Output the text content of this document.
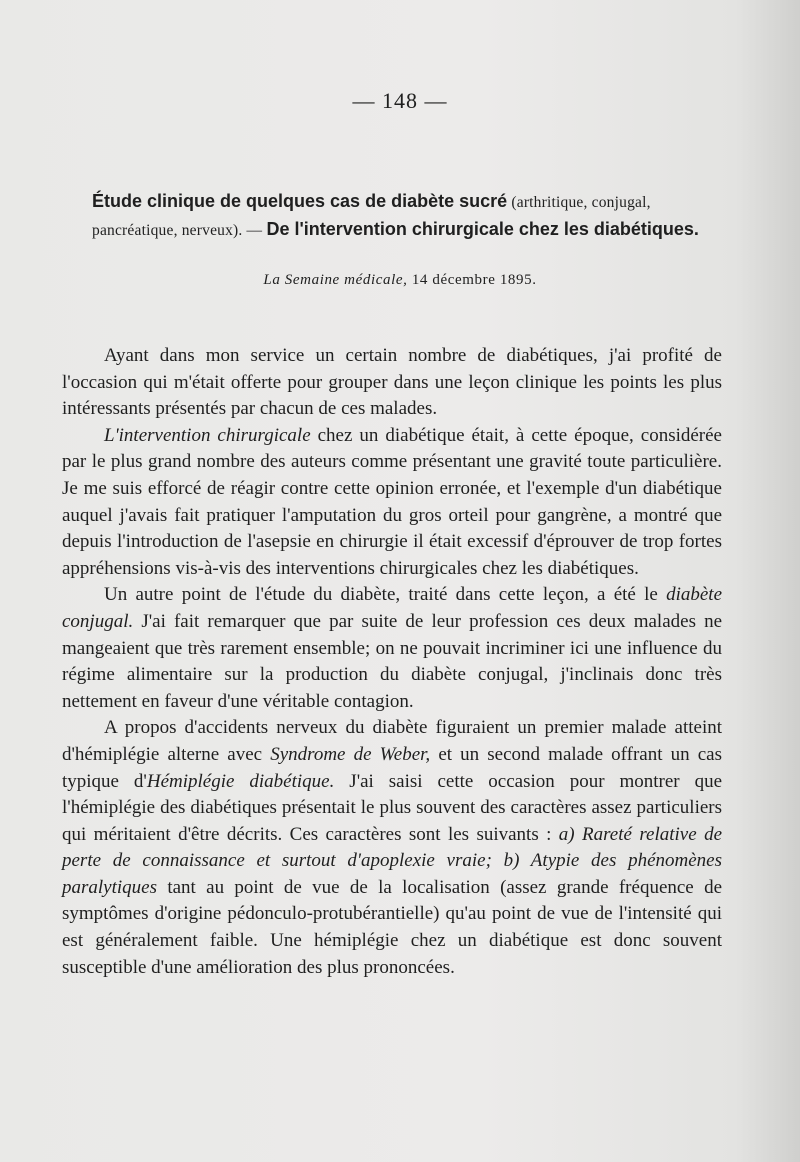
— 148 —
Étude clinique de quelques cas de diabète sucré (arthritique, conjugal, pancréatique, nerveux). — De l'intervention chirurgicale chez les diabétiques.
La Semaine médicale, 14 décembre 1895.

Ayant dans mon service un certain nombre de diabétiques, j'ai profité de l'occasion qui m'était offerte pour grouper dans une leçon clinique les points les plus intéressants présentés par chacun de ces malades.

L'intervention chirurgicale chez un diabétique était, à cette époque, considérée par le plus grand nombre des auteurs comme présentant une gravité toute particulière. Je me suis efforcé de réagir contre cette opinion erronée, et l'exemple d'un diabétique auquel j'avais fait pratiquer l'amputation du gros orteil pour gangrène, a montré que depuis l'introduction de l'asepsie en chirurgie il était excessif d'éprouver de trop fortes appréhensions vis-à-vis des interventions chirurgicales chez les diabétiques.

Un autre point de l'étude du diabète, traité dans cette leçon, a été le diabète conjugal. J'ai fait remarquer que par suite de leur profession ces deux malades ne mangeaient que très rarement ensemble; on ne pouvait incriminer ici une influence du régime alimentaire sur la production du diabète conjugal, j'inclinais donc très nettement en faveur d'une véritable contagion.

A propos d'accidents nerveux du diabète figuraient un premier malade atteint d'hémiplégie alterne avec Syndrome de Weber, et un second malade offrant un cas typique d'Hémiplégie diabétique. J'ai saisi cette occasion pour montrer que l'hémiplégie des diabétiques présentait le plus souvent des caractères assez particuliers qui méritaient d'être décrits. Ces caractères sont les suivants : a) Rareté relative de perte de connaissance et surtout d'apoplexie vraie; b) Atypie des phénomènes paralytiques tant au point de vue de la localisation (assez grande fréquence de symptômes d'origine pédonculo-protubérantielle) qu'au point de vue de l'intensité qui est généralement faible. Une hémiplégie chez un diabétique est donc souvent susceptible d'une amélioration des plus prononcées.
